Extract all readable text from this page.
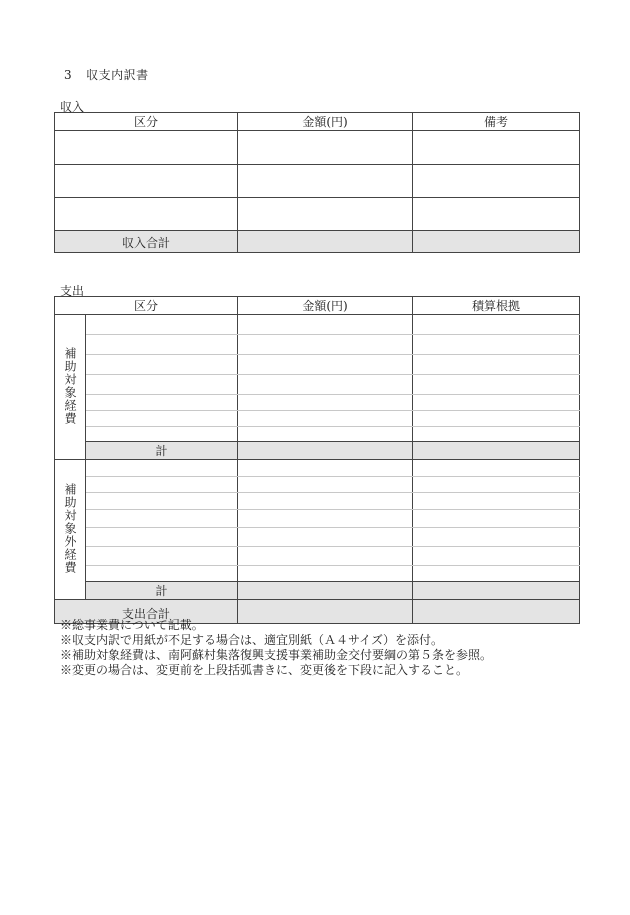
3 収支内訳書
収入
区分	金額(円)	備考

収入合計		
支出
区分		金額(円)	積算根拠
補助対象経費			

	計		
補助対象外経費			

	計		
支出合計			
※総事業費について記載。
※収支内訳で用紙が不足する場合は、適宜別紙（Ａ４サイズ）を添付。
※補助対象経費は、南阿蘇村集落復興支援事業補助金交付要綱の第５条を参照。
※変更の場合は、変更前を上段括弧書きに、変更後を下段に記入すること。
